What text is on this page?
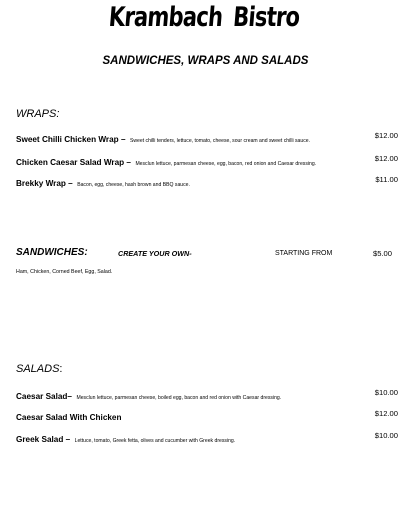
Krambach Bistro
SANDWICHES, WRAPS AND SALADS
WRAPS:
Sweet Chilli Chicken Wrap – Sweet chilli tenders, lettuce, tomato, cheese, sour cream and sweet chilli sauce.
$12.00
Chicken Caesar Salad Wrap – Mesclun lettuce, parmesan cheese, egg, bacon, red onion and Caesar dressing.
$12.00
Brekky Wrap – Bacon, egg, cheese, hash brown and BBQ sauce.
$11.00
SANDWICHES:	CREATE YOUR OWN-	STARTING FROM	$5.00
Ham, Chicken, Corned Beef, Egg, Salad.
SALADS:
Caesar Salad– Mesclun lettuce, parmesan cheese, boiled egg, bacon and red onion with Caesar dressing.
$10.00
Caesar Salad With Chicken	$12.00
Greek Salad – Lettuce, tomato, Greek fetta, olives and cucumber with Greek dressing.
$10.00
